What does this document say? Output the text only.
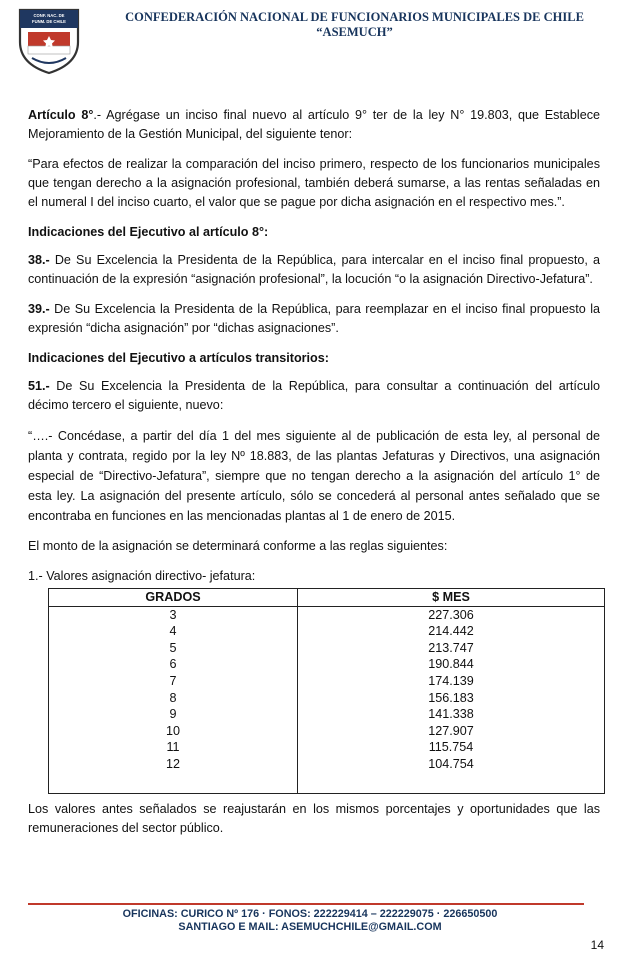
CONF. NAC. DE
FUNM. DE CHILE	CONFEDERACIÓN NACIONAL DE FUNCIONARIOS MUNICIPALES DE CHILE
“ASEMUCH”

Artículo 8°.- Agrégase un inciso final nuevo al artículo 9° ter de la ley N° 19.803, que Establece Mejoramiento de la Gestión Municipal, del siguiente tenor:

“Para efectos de realizar la comparación del inciso primero, respecto de los funcionarios municipales que tengan derecho a la asignación profesional, también deberá sumarse, a las rentas señaladas en el numeral I del inciso cuarto, el valor que se pague por dicha asignación en el respectivo mes.”.

Indicaciones del Ejecutivo al artículo 8°:

38.- De Su Excelencia la Presidenta de la República, para intercalar en el inciso final propuesto, a continuación de la expresión “asignación profesional”, la locución “o la asignación Directivo-Jefatura”.

39.- De Su Excelencia la Presidenta de la República, para reemplazar en el inciso final propuesto la expresión “dicha asignación” por “dichas asignaciones”.

Indicaciones del Ejecutivo a artículos transitorios:

51.- De Su Excelencia la Presidenta de la República, para consultar a continuación del artículo décimo tercero el siguiente, nuevo:

“….- Concédase, a partir del día 1 del mes siguiente al de publicación de esta ley, al personal de planta y contrata, regido por la ley Nº 18.883, de las plantas Jefaturas y Directivos, una asignación especial de “Directivo-Jefatura”, siempre que no tengan derecho a la asignación del artículo 1° de esta ley. La asignación del presente artículo, sólo se concederá al personal antes señalado que se encontraba en funciones en las mencionadas plantas al 1 de enero de 2015.

El monto de la asignación se determinará conforme a las reglas siguientes:

1.- Valores asignación directivo- jefatura:

GRADOS	$ MES
3	227.306
4	214.442
5	213.747
6	190.844
7	174.139
8	156.183
9	141.338
10	127.907
11	115.754
12	104.754

Los valores antes señalados se reajustarán en los mismos porcentajes y oportunidades que las remuneraciones del sector público.

OFICINAS: CURICO Nº 176 · FONOS: 222229414 – 222229075 · 226650500
SANTIAGO E MAIL: ASEMUCHCHILE@GMAIL.COM
14
